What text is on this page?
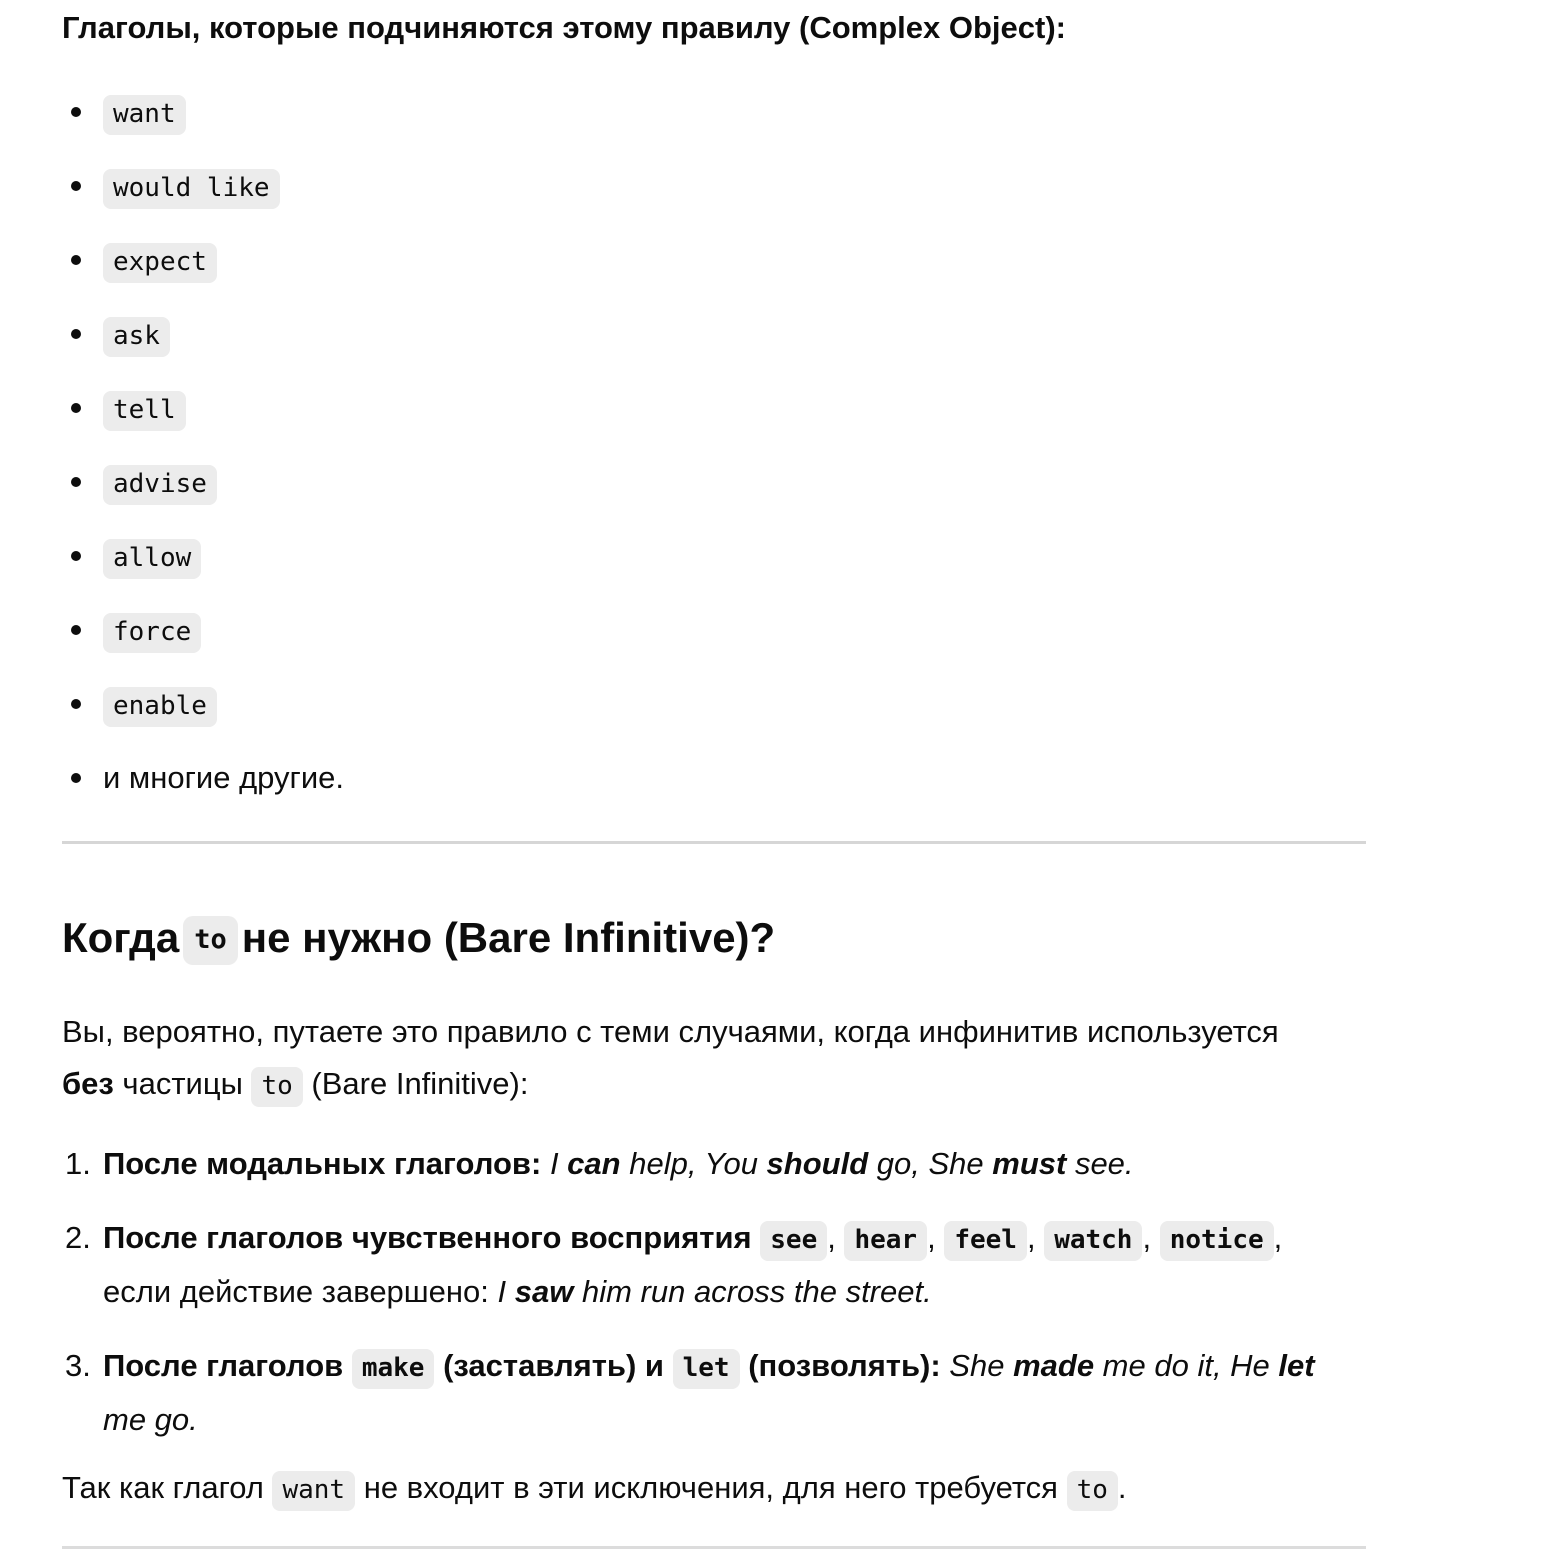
Глаголы, которые подчиняются этому правилу (Complex Object):

want
would like
expect
ask
tell
advise
allow
force
enable
и многие другие.
Когда to не нужно (Bare Infinitive)?

Вы, вероятно, путаете это правило с теми случаями, когда инфинитив используется
без частицы to (Bare Infinitive):

1. После модальных глаголов: I can help, You should go, She must see.
2. После глаголов чувственного восприятия see , hear , feel , watch , notice ,
если действие завершено: I saw him run across the street.
3. После глаголов make (заставлять) и let (позволять): She made me do it, He let
me go.

Так как глагол want не входит в эти исключения, для него требуется to .
